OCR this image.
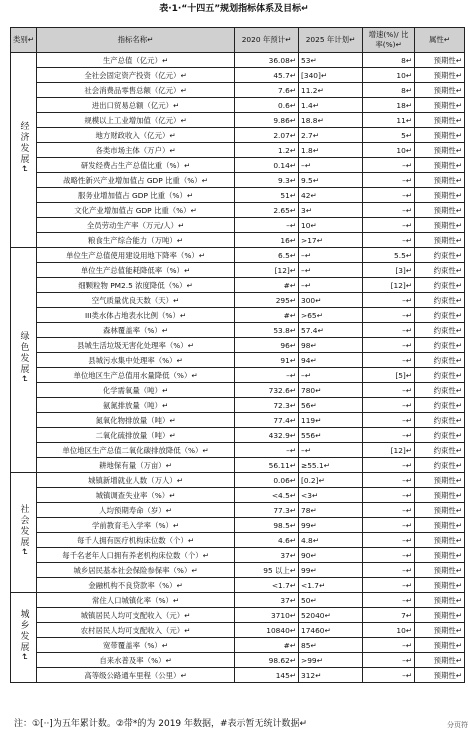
表·1·“十四五”规划指标体系及目标↵
类别↵	指标名称↵	2020 年预计↵	2025 年计划↵	增速(%)/ 比率(%)↵	属性↵
经济发展↵	生产总值（亿元）↵	36.08↵	53↵	8↵	预期性↵
	全社会固定资产投资（亿元）↵	45.7↵	[340]↵	10↵	预期性↵
	社会消费品零售总额（亿元）↵	7.6↵	11.2↵	8↵	预期性↵
	进出口贸易总额（亿元）↵	0.6↵	1.4↵	18↵	预期性↵
	规模以上工业增加值（亿元）↵	9.86↵	18.8↵	11↵	预期性↵
	地方财政收入（亿元）↵	2.07↵	2.7↵	5↵	预期性↵
	各类市场主体（万户）↵	1.2↵	1.8↵	10↵	预期性↵
	研发经费占生产总值比重（%）↵	0.14↵	–↵	–↵	预期性↵
	战略性新兴产业增加值占 GDP 比重（%）↵	9.3↵	9.5↵	–↵	预期性↵
	服务业增加值占 GDP 比重（%）↵	51↵	42↵	–↵	预期性↵
	文化产业增加值占 GDP 比重（%）↵	2.65↵	3↵	–↵	预期性↵
	全员劳动生产率（万元/人）↵	–↵	10↵	–↵	预期性↵
	粮食生产综合能力（万吨）↵	16↵	>17↵	–↵	预期性↵
绿色发展↵	单位生产总值使用建设用地下降率（%）↵	6.5↵	–↵	5.5↵	约束性↵
	单位生产总值能耗降低率（%）↵	[12]↵	–↵	[3]↵	约束性↵
	细颗粒物 PM2.5 浓度降低（%）↵	#↵	–↵	[12]↵	约束性↵
	空气质量优良天数（天）↵	295↵	300↵	–↵	约束性↵
	III类水体占地表水比例（%）↵	#↵	>65↵	–↵	约束性↵
	森林覆盖率（%）↵	53.8↵	57.4↵	–↵	约束性↵
	县城生活垃圾无害化处理率（%）↵	96↵	98↵	–↵	约束性↵
	县城污水集中处理率（%）↵	91↵	94↵	–↵	约束性↵
	单位地区生产总值用水量降低（%）↵	–↵	–↵	[5]↵	约束性↵
	化学需氧量（吨）↵	732.6↵	780↵	–↵	约束性↵
	氨氮排放量（吨）↵	72.3↵	56↵	–↵	约束性↵
	氮氧化物排放量（吨）↵	77.4↵	119↵	–↵	约束性↵
	二氧化硫排放量（吨）↵	432.9↵	556↵	–↵	约束性↵
	单位地区生产总值二氧化碳排放降低（%）↵	–↵	–↵	[12]↵	约束性↵
	耕地保有量（万亩）↵	56.11↵	≥55.1↵	–↵	约束性↵
社会发展↵	城镇新增就业人数（万人）↵	0.06↵	[0.2]↵	–↵	预期性↵
	城镇调查失业率（%）↵	<4.5↵	<3↵	–↵	预期性↵
	人均预期寿命（岁）↵	77.3↵	78↵	–↵	预期性↵
	学前教育毛入学率（%）↵	98.5↵	99↵	–↵	预期性↵
	每千人拥有医疗机构床位数（个）↵	4.6↵	4.8↵	–↵	预期性↵
	每千名老年人口拥有养老机构床位数（个）↵	37↵	90↵	–↵	预期性↵
	城乡居民基本社会保险参保率（%）↵	95 以上↵	99↵	–↵	预期性↵
	金融机构不良贷款率（%）↵	<1.7↵	<1.7↵	–↵	预期性↵
城乡发展↵	常住人口城镇化率（%）↵	37↵	50↵	–↵	预期性↵
	城镇居民人均可支配收入（元）↵	3710↵	52040↵	7↵	预期性↵
	农村居民人均可支配收入（元）↵	10840↵	17460↵	10↵	预期性↵
	宽带覆盖率（%）↵	#↵	85↵	–↵	预期性↵
	自来水普及率（%）↵	98.62↵	>99↵	–↵	预期性↵
	高等级公路通车里程（公里）↵	145↵	312↵	–↵	预期性↵
注：①[··]为五年累计数。②带*的为 2019 年数据，#表示暂无统计数据↵	分页符
